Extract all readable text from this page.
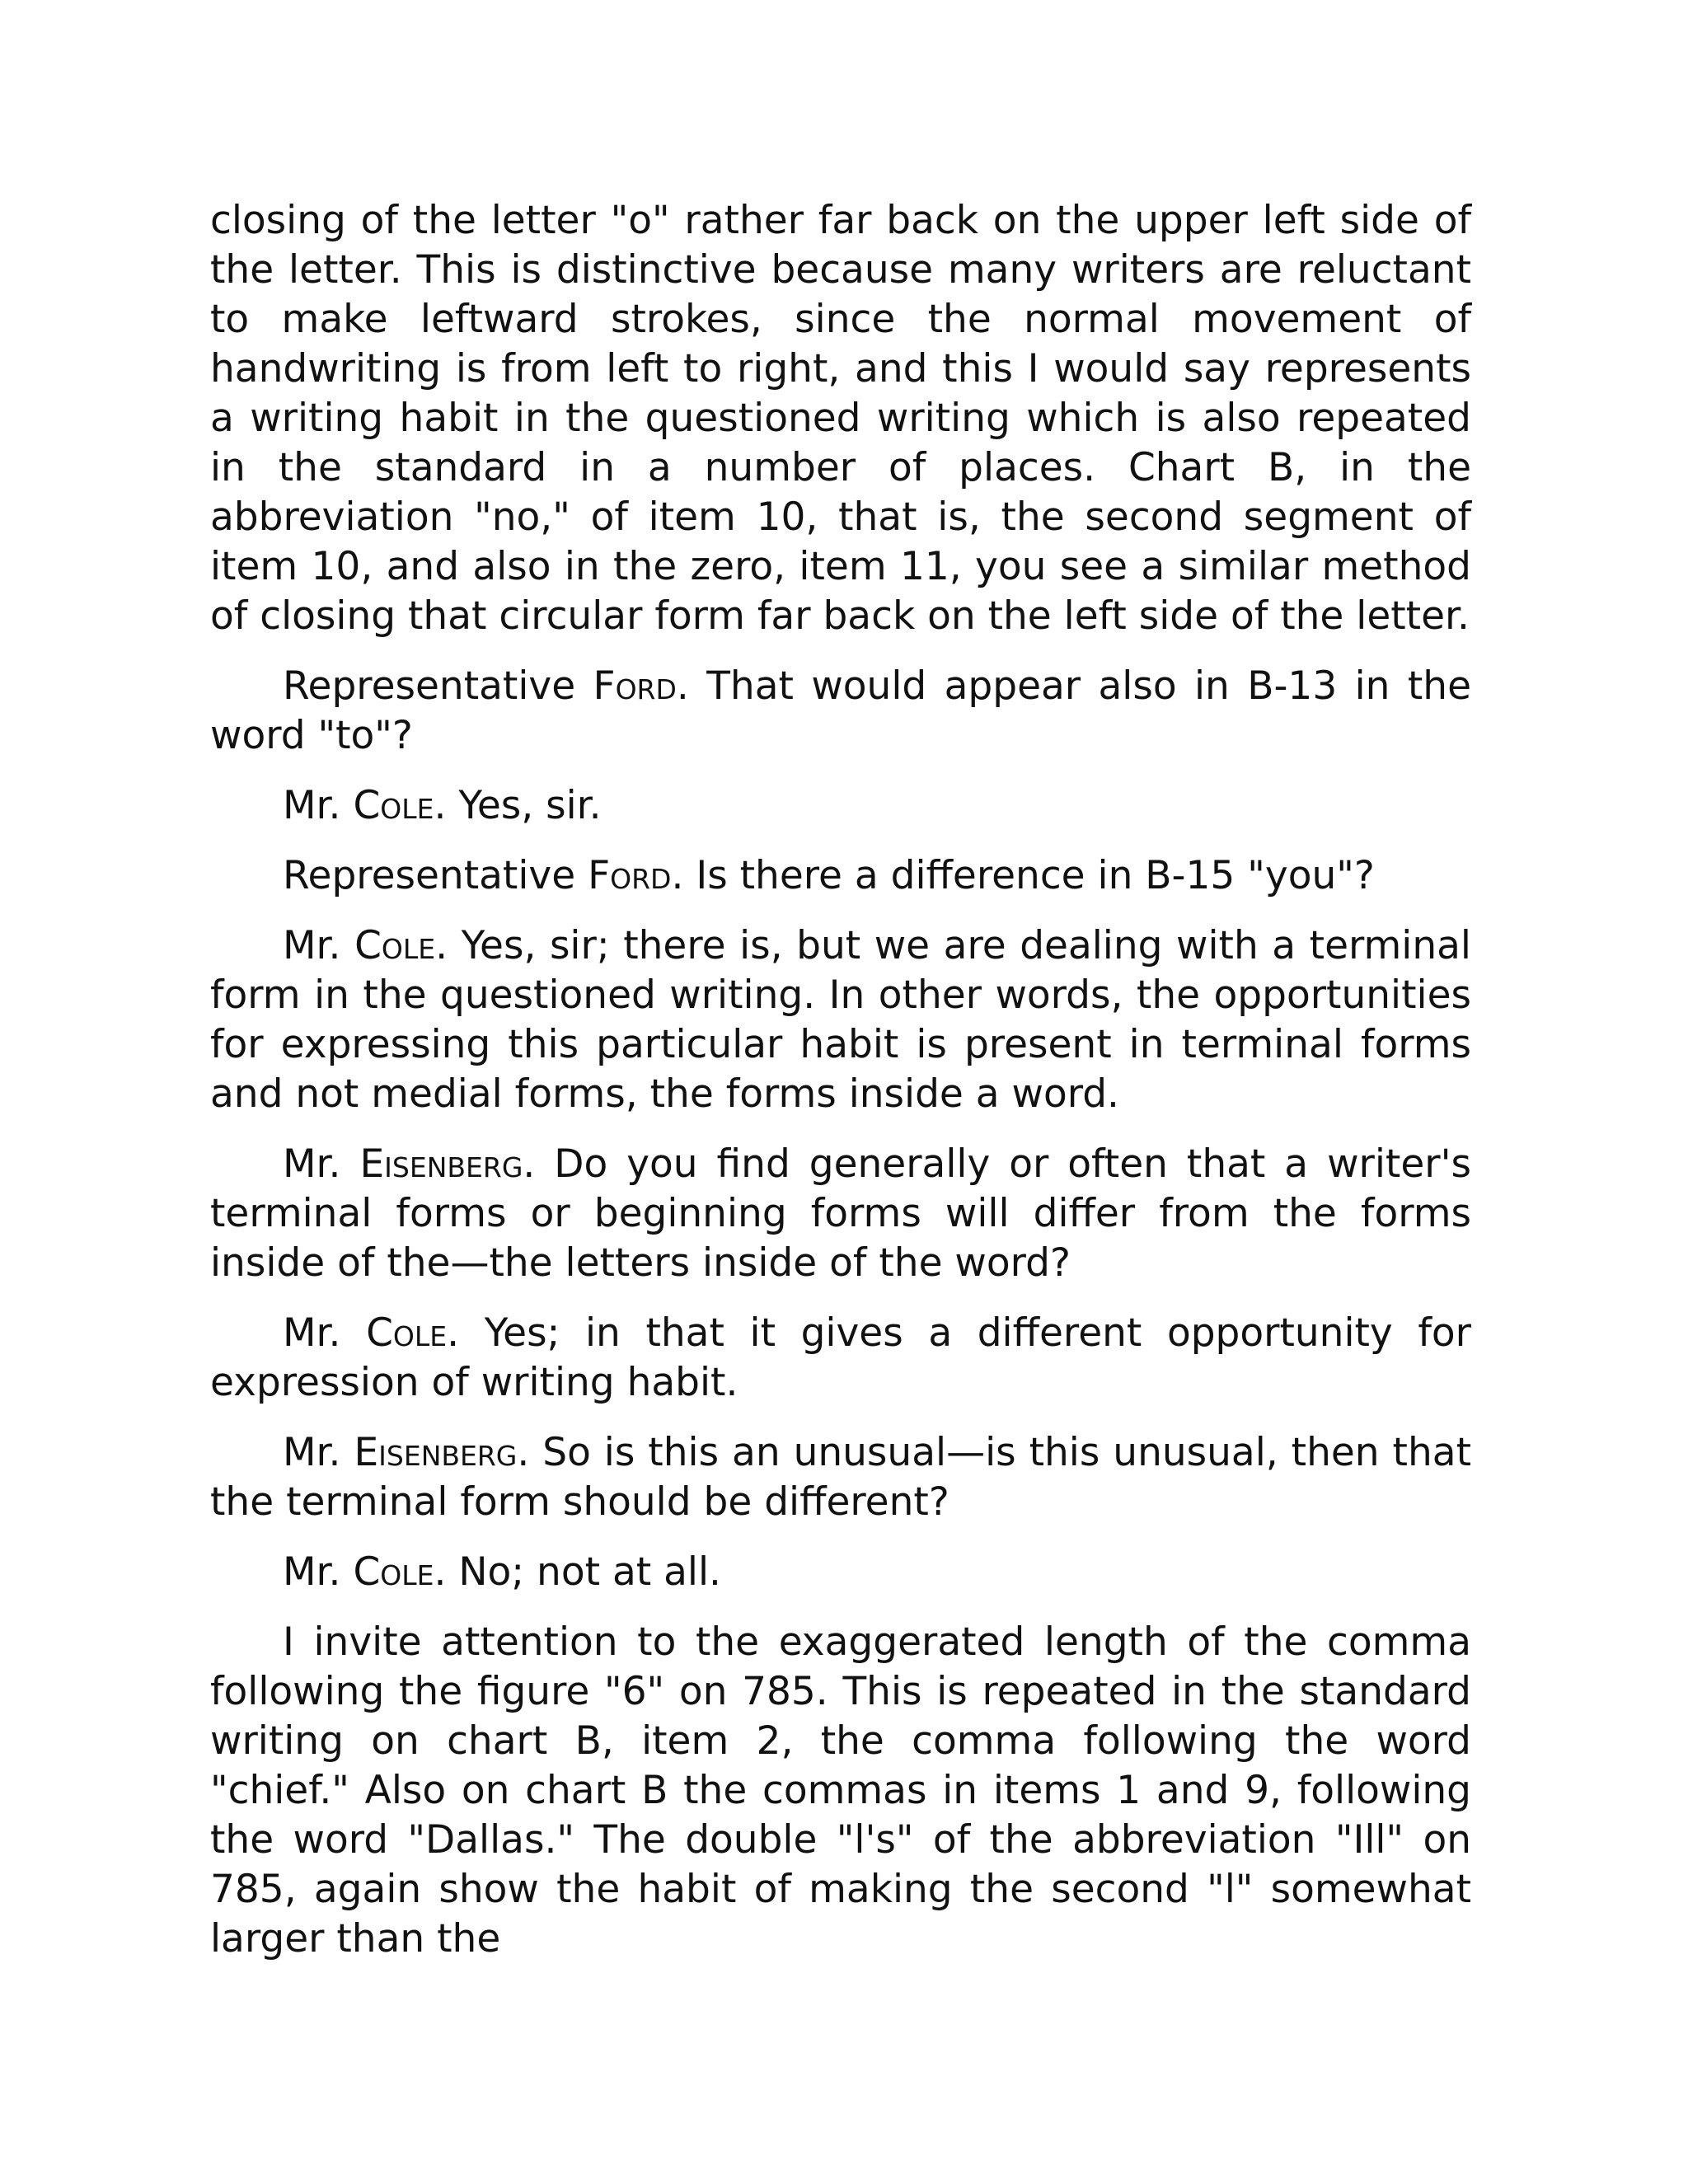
closing of the letter "o" rather far back on the upper left side of the letter. This is distinctive because many writers are reluctant to make leftward strokes, since the normal movement of handwriting is from left to right, and this I would say represents a writing habit in the questioned writing which is also repeated in the standard in a number of places. Chart B, in the abbreviation "no," of item 10, that is, the second segment of item 10, and also in the zero, item 11, you see a similar method of closing that circular form far back on the left side of the letter.

Representative Ford. That would appear also in B-13 in the word "to"?

Mr. Cole. Yes, sir.

Representative Ford. Is there a difference in B-15 "you"?

Mr. Cole. Yes, sir; there is, but we are dealing with a terminal form in the questioned writing. In other words, the opportunities for expressing this particular habit is present in terminal forms and not medial forms, the forms inside a word.

Mr. Eisenberg. Do you find generally or often that a writer's terminal forms or beginning forms will differ from the forms inside of the—the letters inside of the word?

Mr. Cole. Yes; in that it gives a different opportunity for expression of writing habit.

Mr. Eisenberg. So is this an unusual—is this unusual, then that the terminal form should be different?

Mr. Cole. No; not at all.

I invite attention to the exaggerated length of the comma following the figure "6" on 785. This is repeated in the standard writing on chart B, item 2, the comma following the word "chief." Also on chart B the commas in items 1 and 9, following the word "Dallas." The double "l's" of the abbreviation "Ill" on 785, again show the habit of making the second "l" somewhat larger than the
